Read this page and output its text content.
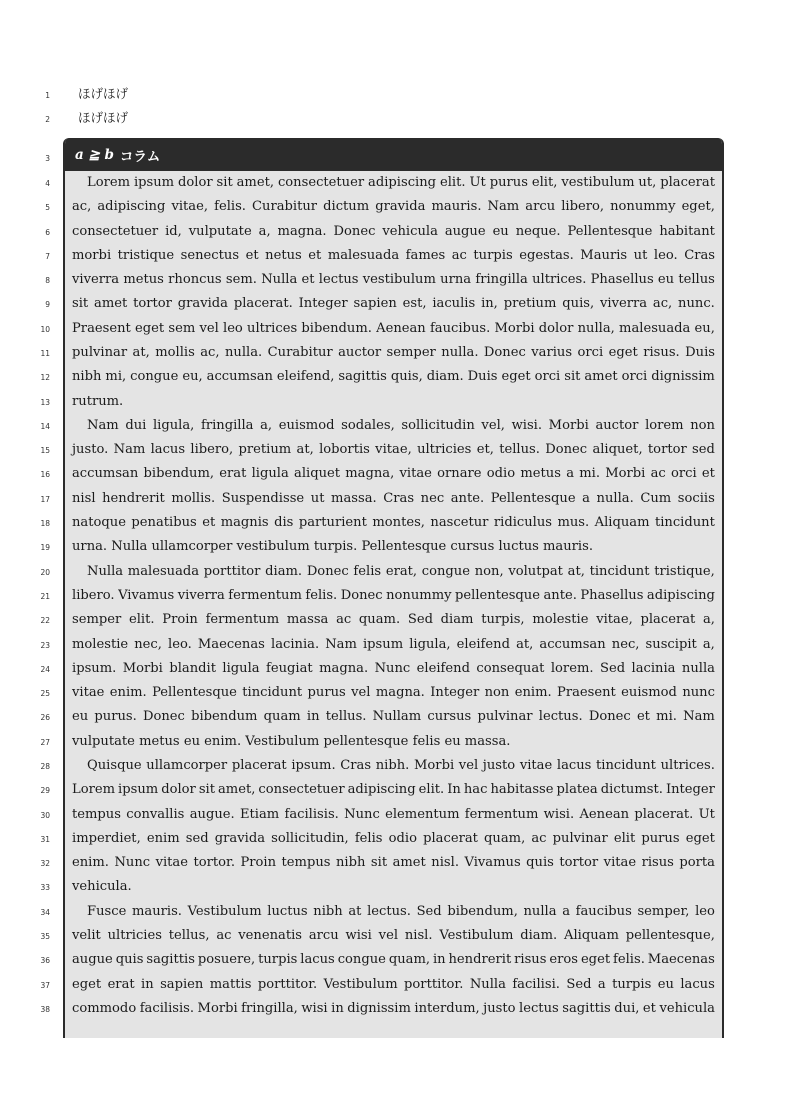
ほげほげ
ほげほげ
a ≧ b コラム
1
2
3
4
5
6
7
8
9
10
11
12
13
14
15
16
17
18
19
20
21
22
23
24
25
26
27
28
29
30
31
32
33
34
35
36
37
38
Lorem ipsum dolor sit amet, consectetuer adipiscing elit. Ut purus elit, vestibulum ut, placerat
ac, adipiscing vitae, felis. Curabitur dictum gravida mauris. Nam arcu libero, nonummy eget,
consectetuer id, vulputate a, magna. Donec vehicula augue eu neque. Pellentesque habitant
morbi tristique senectus et netus et malesuada fames ac turpis egestas. Mauris ut leo. Cras
viverra metus rhoncus sem. Nulla et lectus vestibulum urna fringilla ultrices. Phasellus eu tellus
sit amet tortor gravida placerat. Integer sapien est, iaculis in, pretium quis, viverra ac, nunc.
Praesent eget sem vel leo ultrices bibendum. Aenean faucibus. Morbi dolor nulla, malesuada eu,
pulvinar at, mollis ac, nulla. Curabitur auctor semper nulla. Donec varius orci eget risus. Duis
nibh mi, congue eu, accumsan eleifend, sagittis quis, diam. Duis eget orci sit amet orci dignissim
rutrum.
Nam dui ligula, fringilla a, euismod sodales, sollicitudin vel, wisi. Morbi auctor lorem non
justo. Nam lacus libero, pretium at, lobortis vitae, ultricies et, tellus. Donec aliquet, tortor sed
accumsan bibendum, erat ligula aliquet magna, vitae ornare odio metus a mi. Morbi ac orci et
nisl hendrerit mollis. Suspendisse ut massa. Cras nec ante. Pellentesque a nulla. Cum sociis
natoque penatibus et magnis dis parturient montes, nascetur ridiculus mus. Aliquam tincidunt
urna. Nulla ullamcorper vestibulum turpis. Pellentesque cursus luctus mauris.
Nulla malesuada porttitor diam. Donec felis erat, congue non, volutpat at, tincidunt tristique,
libero. Vivamus viverra fermentum felis. Donec nonummy pellentesque ante. Phasellus adipiscing
semper elit. Proin fermentum massa ac quam. Sed diam turpis, molestie vitae, placerat a,
molestie nec, leo. Maecenas lacinia. Nam ipsum ligula, eleifend at, accumsan nec, suscipit a,
ipsum. Morbi blandit ligula feugiat magna. Nunc eleifend consequat lorem. Sed lacinia nulla
vitae enim. Pellentesque tincidunt purus vel magna. Integer non enim. Praesent euismod nunc
eu purus. Donec bibendum quam in tellus. Nullam cursus pulvinar lectus. Donec et mi. Nam
vulputate metus eu enim. Vestibulum pellentesque felis eu massa.
Quisque ullamcorper placerat ipsum. Cras nibh. Morbi vel justo vitae lacus tincidunt ultrices.
Lorem ipsum dolor sit amet, consectetuer adipiscing elit. In hac habitasse platea dictumst. Integer
tempus convallis augue. Etiam facilisis. Nunc elementum fermentum wisi. Aenean placerat. Ut
imperdiet, enim sed gravida sollicitudin, felis odio placerat quam, ac pulvinar elit purus eget
enim. Nunc vitae tortor. Proin tempus nibh sit amet nisl. Vivamus quis tortor vitae risus porta
vehicula.
Fusce mauris. Vestibulum luctus nibh at lectus. Sed bibendum, nulla a faucibus semper, leo
velit ultricies tellus, ac venenatis arcu wisi vel nisl. Vestibulum diam. Aliquam pellentesque,
augue quis sagittis posuere, turpis lacus congue quam, in hendrerit risus eros eget felis. Maecenas
eget erat in sapien mattis porttitor. Vestibulum porttitor. Nulla facilisi. Sed a turpis eu lacus
commodo facilisis. Morbi fringilla, wisi in dignissim interdum, justo lectus sagittis dui, et vehicula
